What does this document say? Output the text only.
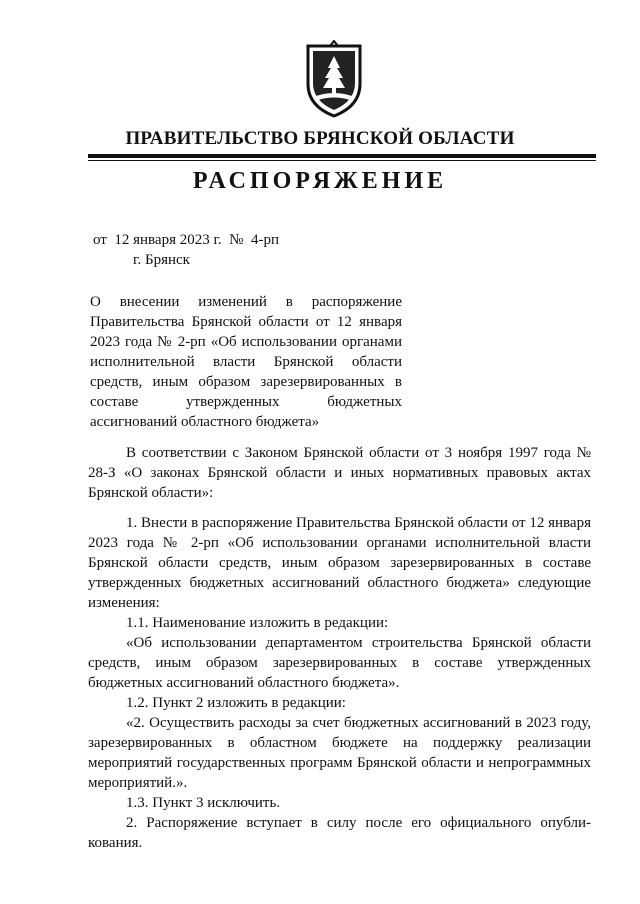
ПРАВИТЕЛЬСТВО БРЯНСКОЙ ОБЛАСТИ
РАСПОРЯЖЕНИЕ
от  12 января 2023 г.  №  4-рп
г. Брянск
О внесении изменений в распоряжение Правительства Брянской области от 12 января 2023 года № 2-рп «Об использовании органами исполнительной власти Брянской области средств, иным образом зарезервированных в составе утвержденных бюджетных ассигнований областного бюджета»

В соответствии с Законом Брянской области от 3 ноября 1997 года № 28-З «О законах Брянской области и иных нормативных правовых актах Брянской области»:

1. Внести в распоряжение Правительства Брянской области от 12 января 2023 года № 2-рп «Об использовании органами исполнительной власти Брянской области средств, иным образом зарезервированных в составе утвержденных бюджетных ассигнований областного бюджета» следующие изменения:

1.1. Наименование изложить в редакции:

«Об использовании департаментом строительства Брянской области средств, иным образом зарезервированных в составе утвержденных бюджетных ассигнований областного бюджета».

1.2. Пункт 2 изложить в редакции:

«2. Осуществить расходы за счет бюджетных ассигнований в 2023 году, зарезервированных в областном бюджете на поддержку реализации мероприятий государственных программ Брянской области и непрограммных мероприятий.».

1.3. Пункт 3 исключить.

2. Распоряжение вступает в силу после его официального опубли-кования.
